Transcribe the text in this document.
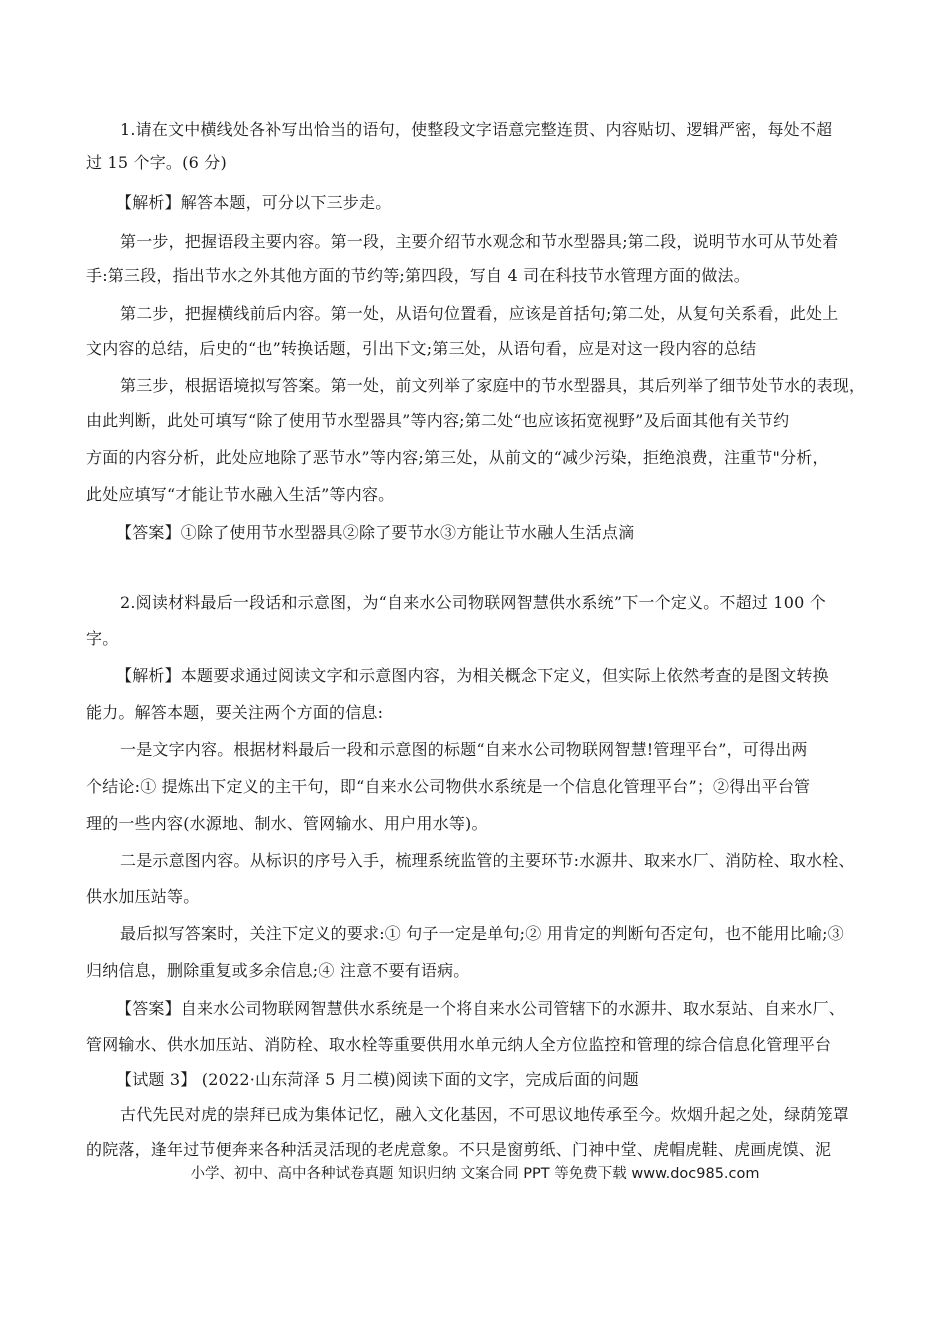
1.请在文中横线处各补写出恰当的语句，使整段文字语意完整连贯、内容贴切、逻辑严密，每处不超
过 15 个字。(6 分)
【解析】解答本题，可分以下三步走。
第一步，把握语段主要内容。第一段，主要介绍节水观念和节水型器具;第二段，说明节水可从节处着
手:第三段，指出节水之外其他方面的节约等;第四段，写自 4 司在科技节水管理方面的做法。
第二步，把握横线前后内容。第一处，从语句位置看，应该是首括句;第二处，从复句关系看，此处上
文内容的总结，后史的“也”转换话题，引出下文;第三处，从语句看，应是对这一段内容的总结
第三步，根据语境拟写答案。第一处，前文列举了家庭中的节水型器具，其后列举了细节处节水的表现，
由此判断，此处可填写“除了使用节水型器具”等内容;第二处“也应该拓宽视野”及后面其他有关节约
方面的内容分析，此处应地除了恶节水”等内容;第三处，从前文的“减少污染，拒绝浪费，注重节"分析，
此处应填写“才能让节水融入生活”等内容。
【答案】①除了使用节水型器具②除了要节水③方能让节水融人生活点滴
2.阅读材料最后一段话和示意图，为“自来水公司物联网智慧供水系统”下一个定义。不超过 100 个
字。
【解析】本题要求通过阅读文字和示意图内容，为相关概念下定义，但实际上依然考查的是图文转换
能力。解答本题，要关注两个方面的信息:
一是文字内容。根据材料最后一段和示意图的标题“自来水公司物联网智慧!管理平台”，可得出两
个结论:① 提炼出下定义的主干句，即“自来水公司物供水系统是一个信息化管理平台”；②得出平台管
理的一些内容(水源地、制水、管网输水、用户用水等)。
二是示意图内容。从标识的序号入手，梳理系统监管的主要环节:水源井、取来水厂、消防栓、取水栓、
供水加压站等。
最后拟写答案时，关注下定义的要求:① 句子一定是单句;② 用肯定的判断句否定句，也不能用比喻;③
归纳信息，删除重复或多余信息;④ 注意不要有语病。
【答案】自来水公司物联网智慧供水系统是一个将自来水公司管辖下的水源井、取水泵站、自来水厂、
管网输水、供水加压站、消防栓、取水栓等重要供用水单元纳人全方位监控和管理的综合信息化管理平台
【试题 3】 (2022·山东菏泽 5 月二模)阅读下面的文字，完成后面的问题
古代先民对虎的崇拜已成为集体记忆，融入文化基因，不可思议地传承至今。炊烟升起之处，绿荫笼罩
的院落，逢年过节便奔来各种活灵活现的老虎意象。不只是窗剪纸、门神中堂、虎帽虎鞋、虎画虎馍、泥
小学、初中、高中各种试卷真题 知识归纳 文案合同 PPT 等免费下载 www.doc985.com
